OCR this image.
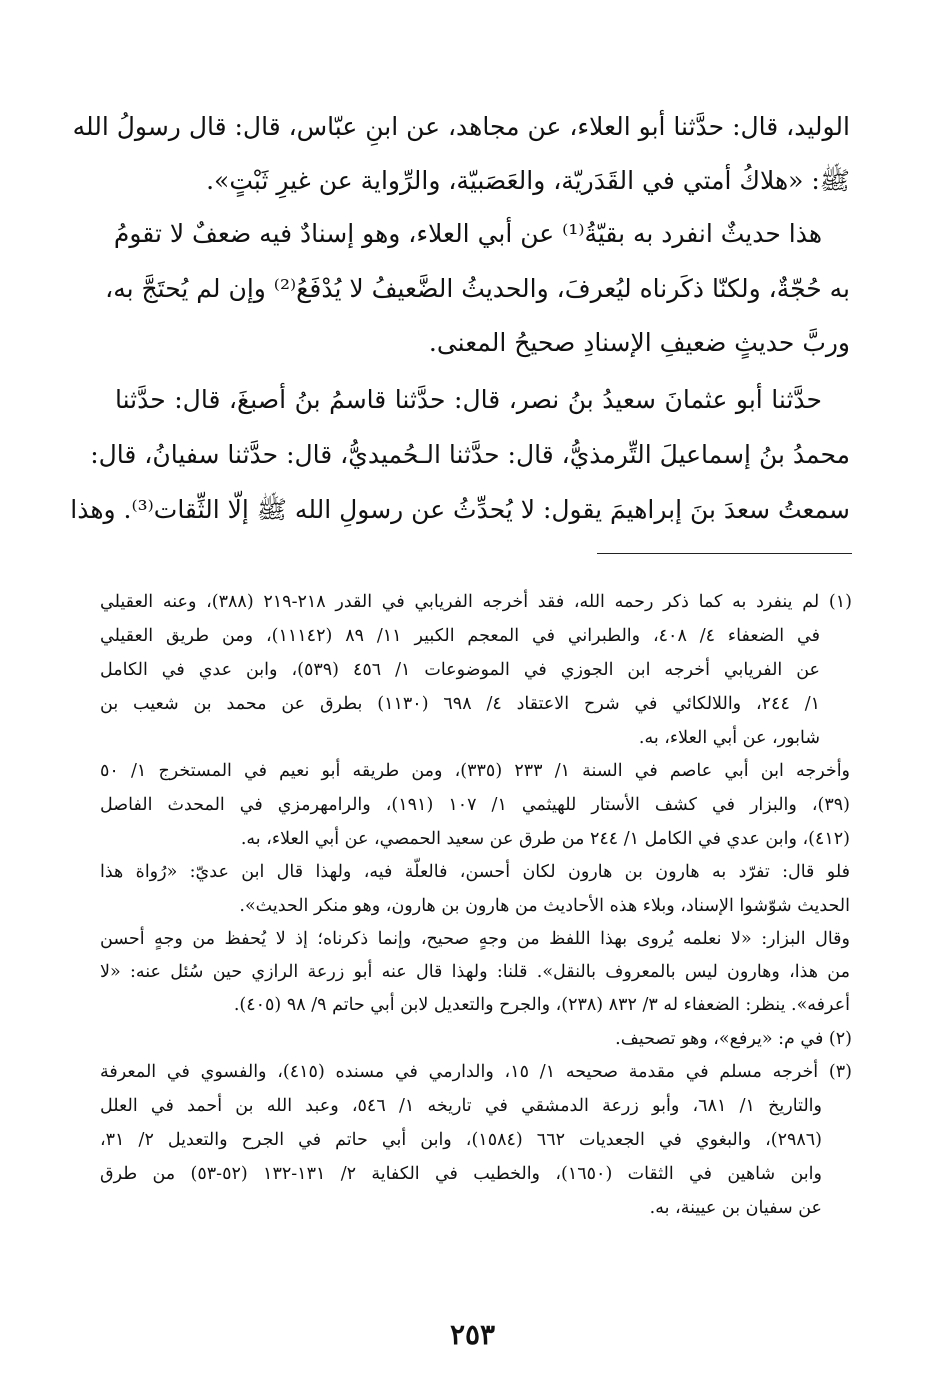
الوليد، قال: حدَّثنا أبو العلاء، عن مجاهد، عن ابنِ عبّاس، قال: قال رسولُ الله
ﷺ: «هلاكُ أمتي في القَدَريّة، والعَصَبيّة، والرِّواية عن غيرِ ثَبْتٍ».
هذا حديثٌ انفرد به بقيّةُ⁽¹⁾ عن أبي العلاء، وهو إسنادٌ فيه ضعفٌ لا تقومُ
به حُجّةٌ، ولكنّا ذكَرناه ليُعرفَ، والحديثُ الضَّعيفُ لا يُدْفَعُ⁽²⁾ وإن لم يُحتَجَّ به،
وربَّ حديثٍ ضعيفِ الإسنادِ صحيحُ المعنى.
حدَّثنا أبو عثمانَ سعيدُ بنُ نصر، قال: حدَّثنا قاسمُ بنُ أصبغَ، قال: حدَّثنا
محمدُ بنُ إسماعيلَ التِّرمذيُّ، قال: حدَّثنا الـحُميديُّ، قال: حدَّثنا سفيانُ، قال:
سمعتُ سعدَ بنَ إبراهيمَ يقول: لا يُحدِّثُ عن رسولِ الله ﷺ إلّا الثِّقات⁽³⁾. وهذا
(١) لم ينفرد به كما ذكر رحمه الله، فقد أخرجه الفريابي في القدر ٢١٨-٢١٩ (٣٨٨)، وعنه العقيلي
في الضعفاء ٤/ ٤٠٨، والطبراني في المعجم الكبير ١١/ ٨٩ (١١١٤٢)، ومن طريق العقيلي
عن الفريابي أخرجه ابن الجوزي في الموضوعات ١/ ٤٥٦ (٥٣٩)، وابن عدي في الكامل
١/ ٢٤٤، واللالكائي في شرح الاعتقاد ٤/ ٦٩٨ (١١٣٠) بطرق عن محمد بن شعيب بن
شابور، عن أبي العلاء، به.
وأخرجه ابن أبي عاصم في السنة ١/ ٢٣٣ (٣٣٥)، ومن طريقه أبو نعيم في المستخرج ١/ ٥٠
(٣٩)، والبزار في كشف الأستار للهيثمي ١/ ١٠٧ (١٩١)، والرامهرمزي في المحدث الفاصل
(٤١٢)، وابن عدي في الكامل ١/ ٢٤٤ من طرق عن سعيد الحمصي، عن أبي العلاء، به.
فلو قال: تفرّد به هارون بن هارون لكان أحسن، فالعلّة فيه، ولهذا قال ابن عديّ: «رُواة هذا
الحديث شوّشوا الإسناد، وبلاء هذه الأحاديث من هارون بن هارون، وهو منكر الحديث».
وقال البزار: «لا نعلمه يُروى بهذا اللفظ من وجهٍ صحيح، وإنما ذكرناه؛ إذ لا يُحفظ من وجهٍ أحسن
من هذا، وهارون ليس بالمعروف بالنقل». قلنا: ولهذا قال عنه أبو زرعة الرازي حين سُئل عنه: «لا
أعرفه». ينظر: الضعفاء له ٣/ ٨٣٢ (٢٣٨)، والجرح والتعديل لابن أبي حاتم ٩/ ٩٨ (٤٠٥).
(٢) في م: «يرفع»، وهو تصحيف.
(٣) أخرجه مسلم في مقدمة صحيحه ١/ ١٥، والدارمي في مسنده (٤١٥)، والفسوي في المعرفة
والتاريخ ١/ ٦٨١، وأبو زرعة الدمشقي في تاريخه ١/ ٥٤٦، وعبد الله بن أحمد في العلل
(٢٩٨٦)، والبغوي في الجعديات ٦٦٢ (١٥٨٤)، وابن أبي حاتم في الجرح والتعديل ٢/ ٣١،
وابن شاهين في الثقات (١٦٥٠)، والخطيب في الكفاية ٢/ ١٣١-١٣٢ (٥٢-٥٣) من طرق
عن سفيان بن عيينة، به.
٢٥٣
